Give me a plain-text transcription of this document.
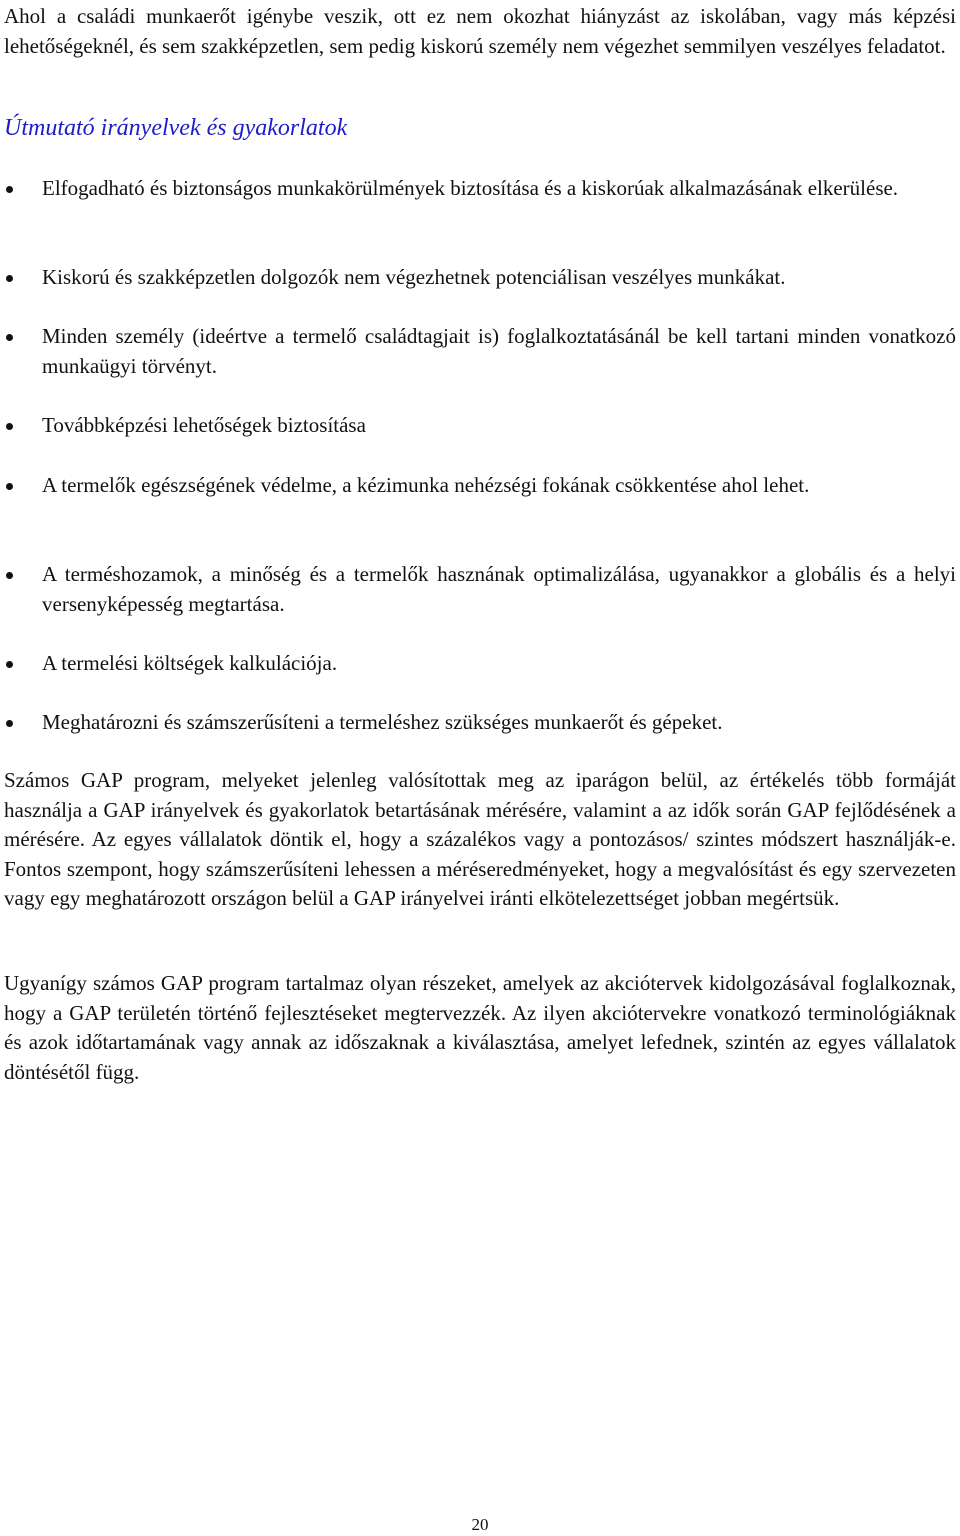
Ahol a családi munkaerőt igénybe veszik, ott ez nem okozhat hiányzást az iskolában, vagy más képzési lehetőségeknél, és sem szakképzetlen, sem pedig kiskorú személy nem végezhet semmilyen veszélyes feladatot.

Útmutató irányelvek és gyakorlatok
Elfogadható és biztonságos munkakörülmények biztosítása és a kiskorúak alkalmazásának elkerülése.
Kiskorú és szakképzetlen dolgozók nem végezhetnek potenciálisan veszélyes munkákat.
Minden személy (ideértve a termelő családtagjait is) foglalkoztatásánál be kell tartani minden vonatkozó munkaügyi törvényt.
Továbbképzési lehetőségek biztosítása
A termelők egészségének védelme, a kézimunka nehézségi fokának csökkentése ahol lehet.
A terméshozamok, a minőség és a termelők hasznának optimalizálása, ugyanakkor a globális és a helyi versenyképesség megtartása.
A termelési költségek kalkulációja.
Meghatározni és számszerűsíteni a termeléshez szükséges munkaerőt és gépeket.

Számos GAP program, melyeket jelenleg valósítottak meg az iparágon belül, az értékelés több formáját használja a GAP irányelvek és gyakorlatok betartásának mérésére, valamint a az idők során GAP fejlődésének a mérésére. Az egyes vállalatok döntik el, hogy a százalékos vagy a pontozásos/ szintes módszert használják-e. Fontos szempont, hogy számszerűsíteni lehessen a méréseredményeket, hogy a megvalósítást és egy szervezeten vagy egy meghatározott országon belül a GAP irányelvei iránti elkötelezettséget jobban megértsük.

Ugyanígy számos GAP program tartalmaz olyan részeket, amelyek az akciótervek kidolgozásával foglalkoznak, hogy a GAP területén történő fejlesztéseket megtervezzék. Az ilyen akciótervekre vonatkozó terminológiáknak és azok időtartamának vagy annak az időszaknak a kiválasztása, amelyet lefednek, szintén az egyes vállalatok döntésétől függ.

20
